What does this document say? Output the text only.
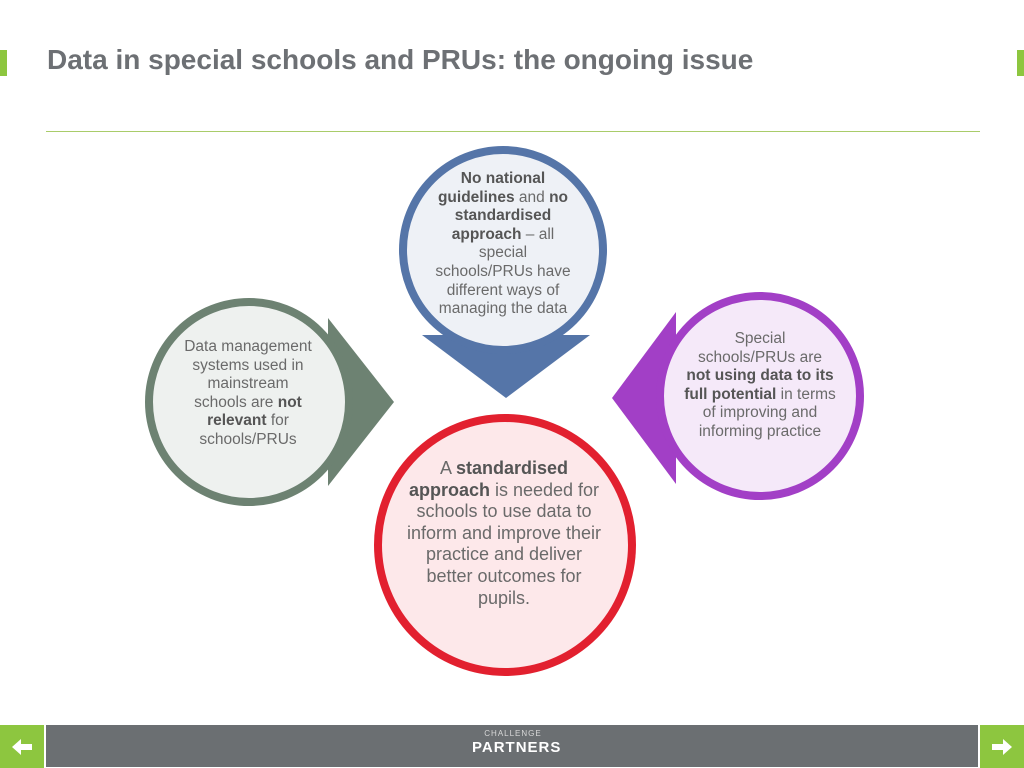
Data in special schools and PRUs: the ongoing issue
No national guidelines and no standardised approach – all special schools/PRUs have different ways of managing the data
Data management systems used in mainstream schools are not relevant for schools/PRUs
Special schools/PRUs are not using data to its full potential in terms of improving and informing practice
A standardised approach is needed for schools to use data to inform and improve their practice and deliver better outcomes for pupils.
CHALLENGE
PARTNERS
